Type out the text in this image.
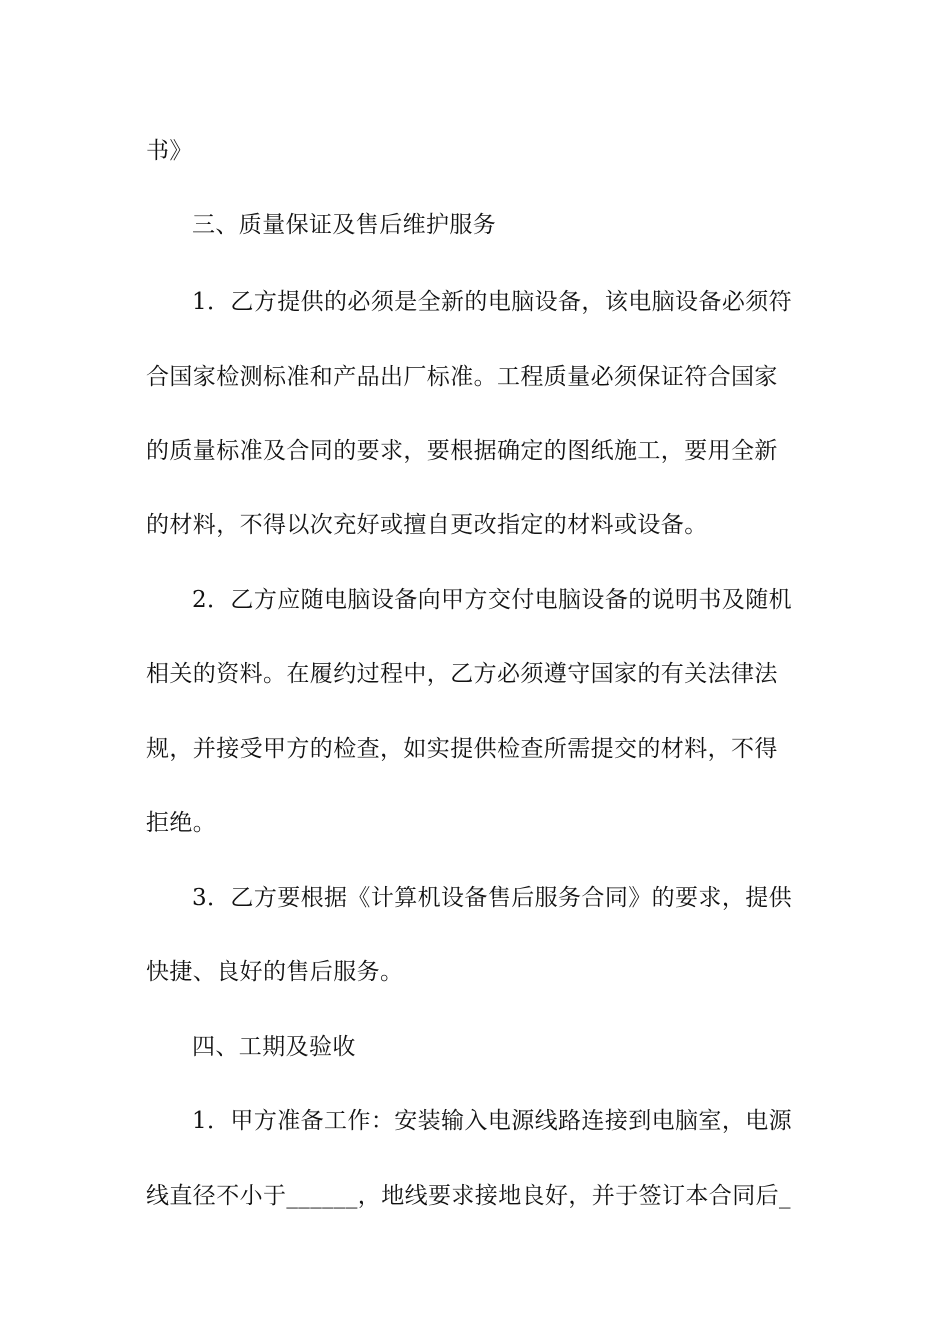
书》
三、质量保证及售后维护服务
1．乙方提供的必须是全新的电脑设备，该电脑设备必须符
合国家检测标准和产品出厂标准。工程质量必须保证符合国家
的质量标准及合同的要求，要根据确定的图纸施工，要用全新
的材料，不得以次充好或擅自更改指定的材料或设备。
2．乙方应随电脑设备向甲方交付电脑设备的说明书及随机
相关的资料。在履约过程中，乙方必须遵守国家的有关法律法
规，并接受甲方的检查，如实提供检查所需提交的材料，不得
拒绝。
3．乙方要根据《计算机设备售后服务合同》的要求，提供
快捷、良好的售后服务。
四、工期及验收
1．甲方准备工作：安装输入电源线路连接到电脑室，电源
线直径不小于______，地线要求接地良好，并于签订本合同后_
